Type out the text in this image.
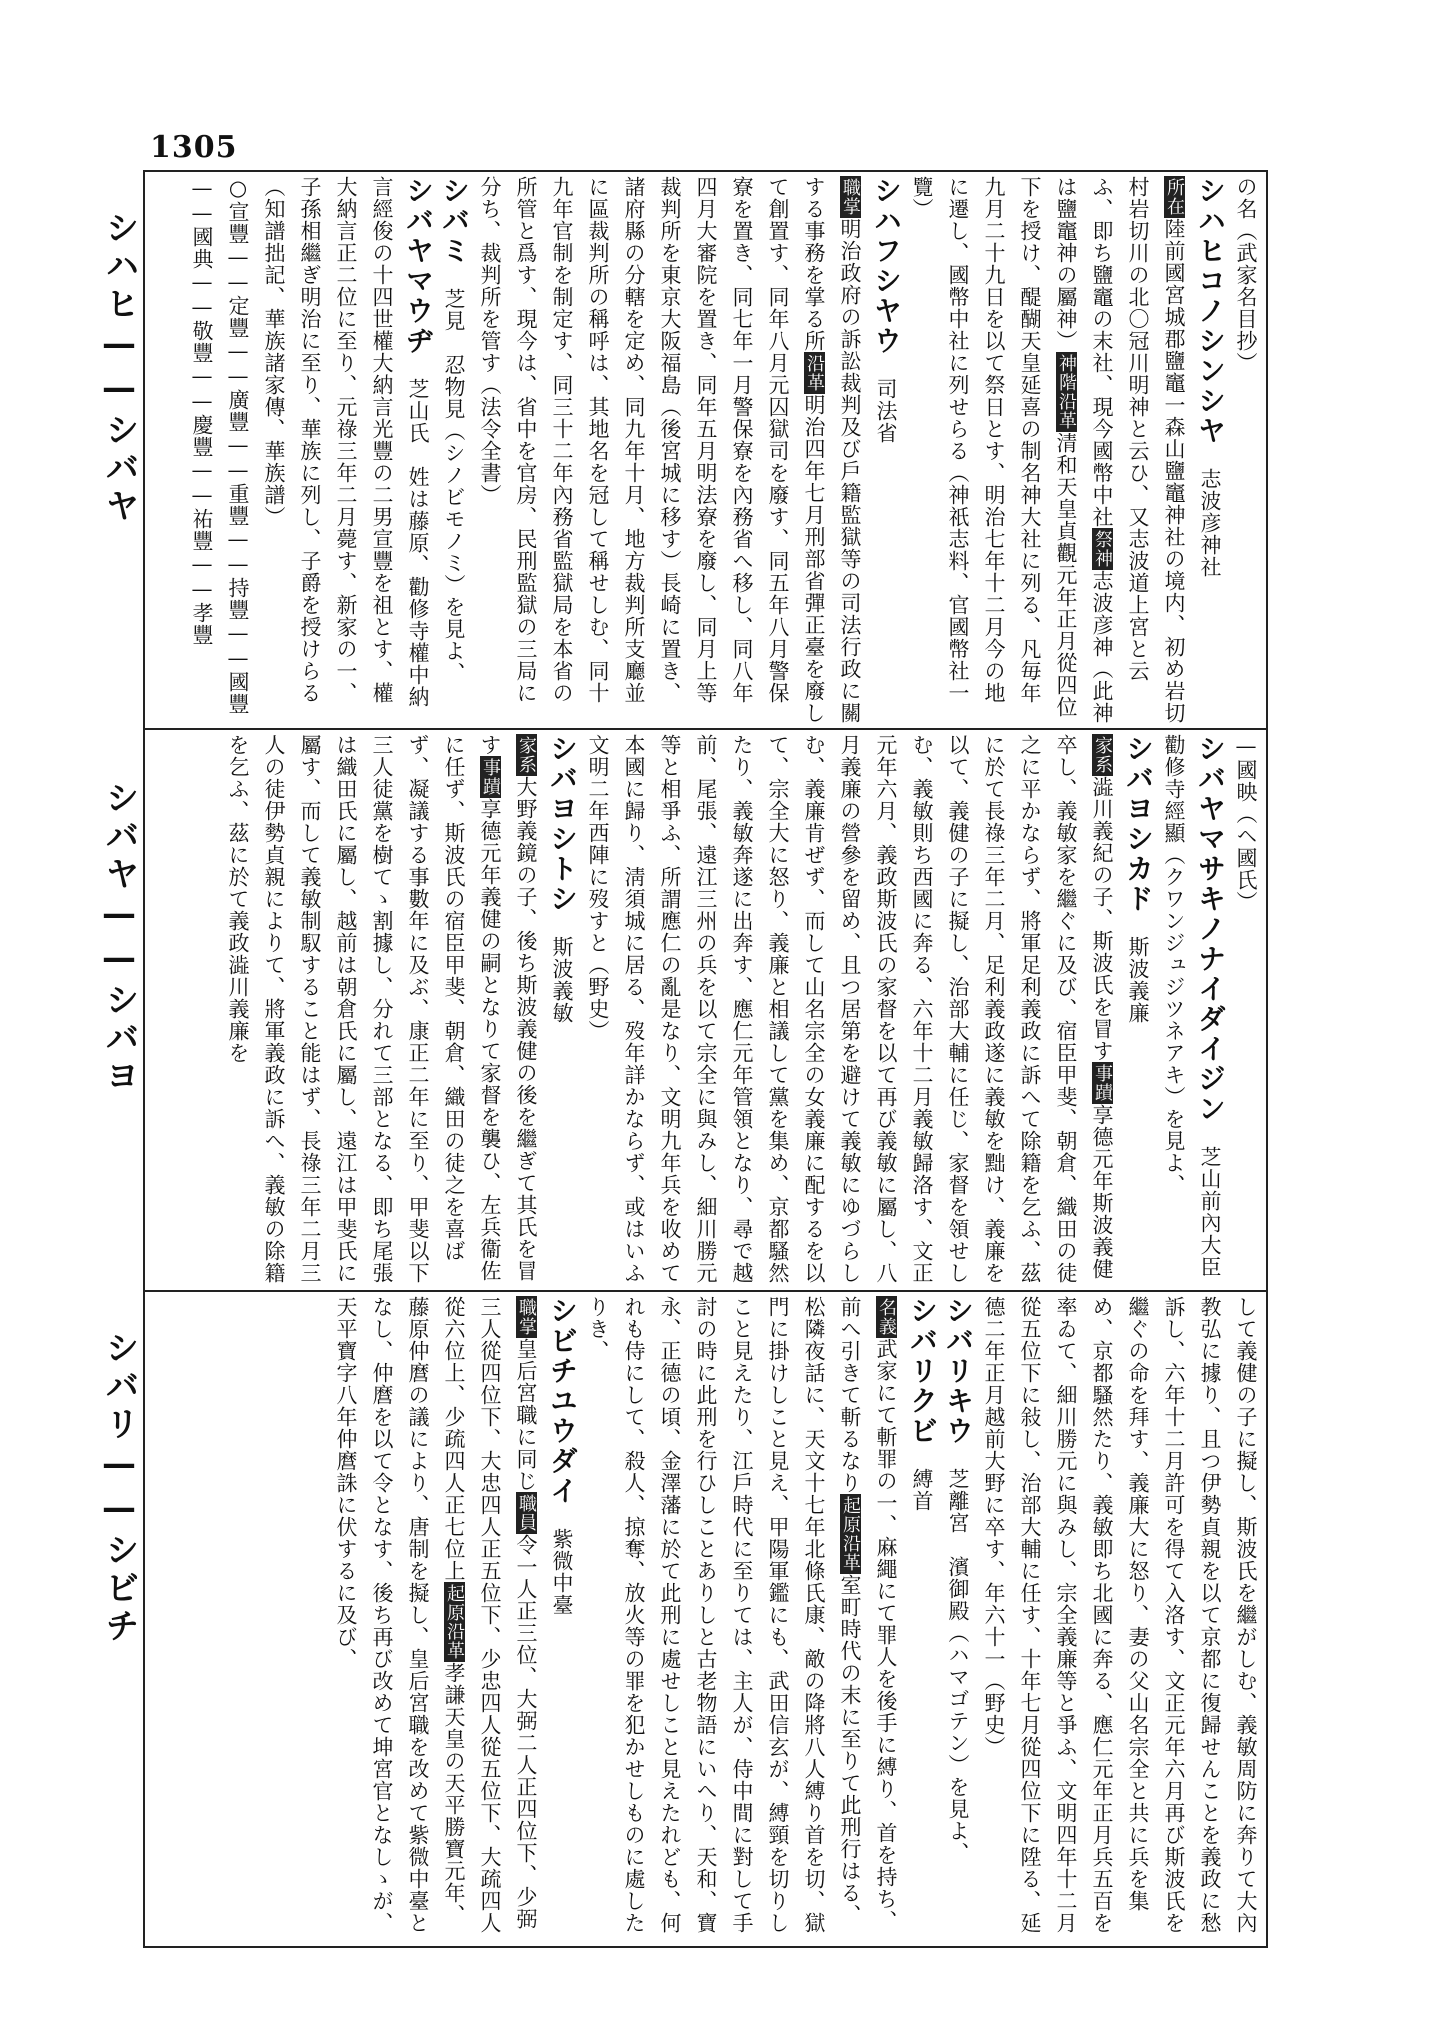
1305
シハヒ——シバヤ
シバヤ——シバヨ
シバリ——シビチ
の名（武家名目抄）
シハヒコノシンシヤ　志波彦神社
所在陸前國宮城郡鹽竈一森山鹽竈神社の境内、初め岩切村岩切川の北〇冠川明神と云ひ、又志波道上宮と云ふ、即ち鹽竈の末社、現今國幣中社祭神志波彦神（此神は鹽竈神の屬神）神階沿革清和天皇貞觀元年正月從四位下を授け、醍醐天皇延喜の制名神大社に列る、凡毎年九月二十九日を以て祭日とす、明治七年十二月今の地に遷し、國幣中社に列せらる（神祇志料、官國幣社一覽）
シハフシヤウ　司法省
職掌明治政府の訴訟裁判及び戶籍監獄等の司法行政に關する事務を掌る所沿革明治四年七月刑部省彈正臺を廢して創置す、同年八月元囚獄司を廢す、同五年八月警保寮を置き、同七年一月警保寮を內務省へ移し、同八年四月大審院を置き、同年五月明法寮を廢し、同月上等裁判所を東京大阪福島（後宮城に移す）長崎に置き、諸府縣の分轄を定め、同九年十月、地方裁判所支廳並に區裁判所の稱呼は、其地名を冠して稱せしむ、同十九年官制を制定す、同三十二年內務省監獄局を本省の所管と爲す、現今は、省中を官房、民刑監獄の三局に分ち、裁判所を管す（法令全書）
シバミ　芝見　忍物見（シノビモノミ）を見よ、
シバヤマウヂ　芝山氏　姓は藤原、勸修寺權中納言經俊の十四世權大納言光豐の二男宣豐を祖とす、權大納言正二位に至り、元祿三年二月薨す、新家の一、子孫相繼ぎ明治に至り、華族に列し、子爵を授けらる（知譜拙記、華族諸家傳、華族譜）
○宣豐——定豐——廣豐——重豐——持豐——國豐——國典——敬豐——慶豐——祐豐——孝豐
—國映（ヘ國氏）
シバヤマサキノナイダイジン　芝山前內大臣　勸修寺經顯（クワンジュジツネアキ）を見よ、
シバヨシカド　斯波義廉
家系澁川義紀の子、斯波氏を冒す事蹟享德元年斯波義健卒し、義敏家を繼ぐに及び、宿臣甲斐、朝倉、織田の徒之に平かならず、將軍足利義政に訴へて除籍を乞ふ、茲に於て長祿三年二月、足利義政遂に義敏を黜け、義廉を以て、義健の子に擬し、治部大輔に任じ、家督を領せしむ、義敏則ち西國に奔る、六年十二月義敏歸洛す、文正元年六月、義政斯波氏の家督を以て再び義敏に屬し、八月義廉の營參を留め、且つ居第を避けて義敏にゆづらしむ、義廉肯ぜず、而して山名宗全の女義廉に配するを以て、宗全大に怒り、義廉と相議して黨を集め、京都騷然たり、義敏奔遂に出奔す、應仁元年管領となり、尋で越前、尾張、遠江三州の兵を以て宗全に與みし、細川勝元等と相爭ふ、所謂應仁の亂是なり、文明九年兵を收めて本國に歸り、淸須城に居る、歿年詳かならず、或はいふ文明二年西陣に歿すと（野史）
シバヨシトシ　斯波義敏
家系大野義鏡の子、後ち斯波義健の後を繼ぎて其氏を冒す事蹟享德元年義健の嗣となりて家督を襲ひ、左兵衞佐に任ず、斯波氏の宿臣甲斐、朝倉、織田の徒之を喜ばず、凝議する事數年に及ぶ、康正二年に至り、甲斐以下三人徒黨を樹てゝ割據し、分れて三部となる、即ち尾張は織田氏に屬し、越前は朝倉氏に屬し、遠江は甲斐氏に屬す、而して義敏制馭すること能はず、長祿三年二月三人の徒伊勢貞親によりて、將軍義政に訴へ、義敏の除籍を乞ふ、茲に於て義政澁川義廉を
して義健の子に擬し、斯波氏を繼がしむ、義敏周防に奔りて大內教弘に據り、且つ伊勢貞親を以て京都に復歸せんことを義政に愁訴し、六年十二月許可を得て入洛す、文正元年六月再び斯波氏を繼ぐの命を拜す、義廉大に怒り、妻の父山名宗全と共に兵を集め、京都騷然たり、義敏即ち北國に奔る、應仁元年正月兵五百を率ゐて、細川勝元に與みし、宗全義廉等と爭ふ、文明四年十二月從五位下に敍し、治部大輔に任す、十年七月從四位下に陞る、延德二年正月越前大野に卒す、年六十一（野史）
シバリキウ　芝離宮　濱御殿（ハマゴテン）を見よ、
シバリクビ　縛首
名義武家にて斬罪の一、麻繩にて罪人を後手に縛り、首を持ち、前へ引きて斬るなり起原沿革室町時代の末に至りて此刑行はる、松隣夜話に、天文十七年北條氏康、敵の降將八人縛り首を切、獄門に掛けしこと見え、甲陽軍鑑にも、武田信玄が、縛頸を切りしこと見えたり、江戶時代に至りては、主人が、侍中間に對して手討の時に此刑を行ひしことありしと古老物語にいへり、天和、寶永、正德の頃、金澤藩に於て此刑に處せしこと見えたれども、何れも侍にして、殺人、掠奪、放火等の罪を犯かせしものに處したりき、
シビチユウダイ　紫微中臺
職掌皇后宮職に同じ職員令一人正三位、大弼二人正四位下、少弼三人從四位下、大忠四人正五位下、少忠四人從五位下、大疏四人從六位上、少疏四人正七位上起原沿革孝謙天皇の天平勝寶元年、藤原仲麿の議により、唐制を擬し、皇后宮職を改めて紫微中臺となし、仲麿を以て令となす、後ち再び改めて坤宮官となしゝが、天平寶字八年仲麿誅に伏するに及び、
